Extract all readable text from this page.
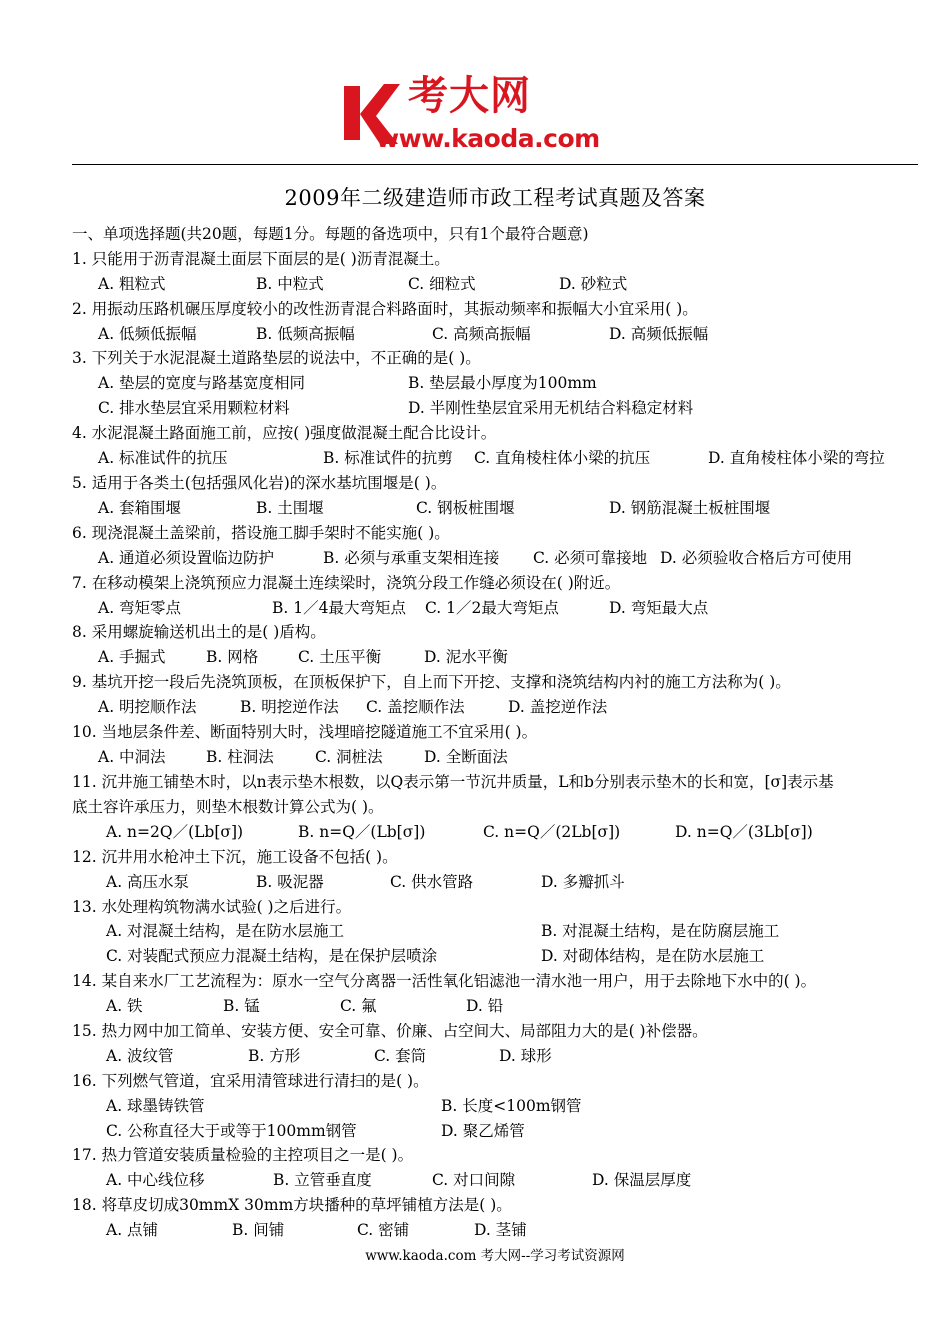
考大网
www.kaoda.com
2009年二级建造师市政工程考试真题及答案
一、单项选择题(共20题，每题1分。每题的备选项中，只有1个最符合题意)
1. 只能用于沥青混凝土面层下面层的是( )沥青混凝土。
A. 粗粒式	B. 中粒式	C. 细粒式	D. 砂粒式
2. 用振动压路机碾压厚度较小的改性沥青混合料路面时，其振动频率和振幅大小宜采用( )。
A. 低频低振幅	B. 低频高振幅	C. 高频高振幅	D. 高频低振幅
3. 下列关于水泥混凝土道路垫层的说法中，不正确的是( )。
A. 垫层的宽度与路基宽度相同	B. 垫层最小厚度为100mm
C. 排水垫层宜采用颗粒材料	D. 半刚性垫层宜采用无机结合料稳定材料
4. 水泥混凝土路面施工前，应按( )强度做混凝土配合比设计。
A. 标准试件的抗压	B. 标准试件的抗剪 C. 直角棱柱体小梁的抗压	D. 直角棱柱体小梁的弯拉
5. 适用于各类土(包括强风化岩)的深水基坑围堰是( )。
A. 套箱围堰	B. 土围堰	C. 钢板桩围堰	D. 钢筋混凝土板桩围堰
6. 现浇混凝土盖梁前，搭设施工脚手架时不能实施( )。
A. 通道必须设置临边防护	B. 必须与承重支架相连接 C. 必须可靠接地 D. 必须验收合格后方可使用
7. 在移动模架上浇筑预应力混凝土连续梁时，浇筑分段工作缝必须设在( )附近。
A. 弯矩零点	B. 1／4最大弯矩点 C. 1／2最大弯矩点	D. 弯矩最大点
8. 采用螺旋输送机出土的是( )盾构。
A. 手掘式	B. 网格	C. 土压平衡	D. 泥水平衡
9. 基坑开挖一段后先浇筑顶板，在顶板保护下，自上而下开挖、支撑和浇筑结构内衬的施工方法称为( )。
A. 明挖顺作法	B. 明挖逆作法 C. 盖挖顺作法	D. 盖挖逆作法
10. 当地层条件差、断面特别大时，浅埋暗挖隧道施工不宜采用( )。
A. 中洞法	B. 柱洞法	C. 洞桩法	D. 全断面法
11. 沉井施工铺垫木时，以n表示垫木根数，以Q表示第一节沉井质量，L和b分别表示垫木的长和宽，[σ]表示基
底土容许承压力，则垫木根数计算公式为( )。
A. n=2Q／(Lb[σ])	B. n=Q／(Lb[σ])	C. n=Q／(2Lb[σ])	D. n=Q／(3Lb[σ])
12. 沉井用水枪冲土下沉，施工设备不包括( )。
A. 高压水泵	B. 吸泥器	C. 供水管路	D. 多瓣抓斗
13. 水处理构筑物满水试验( )之后进行。
A. 对混凝土结构，是在防水层施工	B. 对混凝土结构，是在防腐层施工
C. 对装配式预应力混凝土结构，是在保护层喷涂	D. 对砌体结构，是在防水层施工
14. 某自来水厂工艺流程为：原水一空气分离器一活性氧化铝滤池一清水池一用户，用于去除地下水中的( )。
A. 铁	B. 锰	C. 氟	D. 铅
15. 热力网中加工简单、安装方便、安全可靠、价廉、占空间大、局部阻力大的是( )补偿器。
A. 波纹管	B. 方形	C. 套筒	D. 球形
16. 下列燃气管道，宜采用清管球进行清扫的是( )。
A. 球墨铸铁管	B. 长度<100m钢管
C. 公称直径大于或等于100mm钢管	D. 聚乙烯管
17. 热力管道安装质量检验的主控项目之一是( )。
A. 中心线位移	B. 立管垂直度	C. 对口间隙	D. 保温层厚度
18. 将草皮切成30mmX 30mm方块播种的草坪铺植方法是( )。
A. 点铺	B. 间铺	C. 密铺	D. 茎铺
www.kaoda.com 考大网--学习考试资源网
